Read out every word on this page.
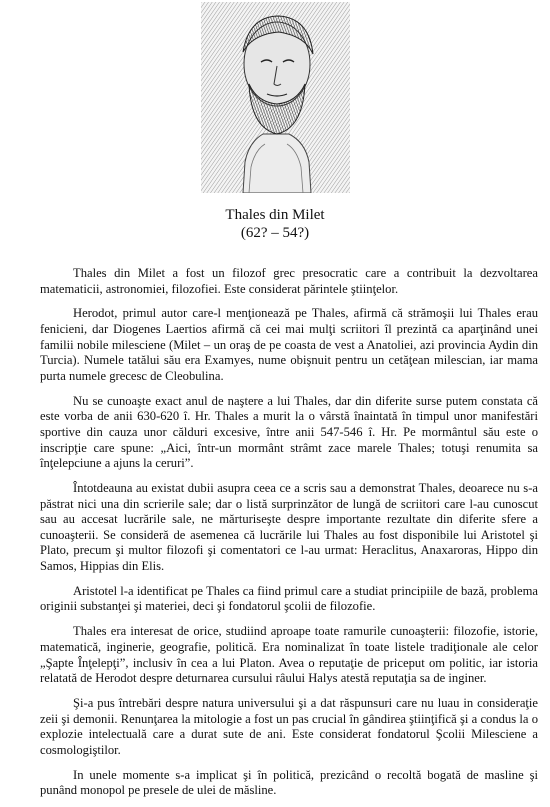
Thales din Milet
(62? – 54?)

Thales din Milet a fost un filozof grec presocratic care a contribuit la dezvoltarea matematicii, astronomiei, filozofiei. Este considerat părintele ştiinţelor.

Herodot, primul autor care-l menţionează pe Thales, afirmă că strămoşii lui Thales erau fenicieni, dar Diogenes Laertios afirmă că cei mai mulţi scriitori îl prezintă ca aparţinând unei familii nobile milesciene (Milet – un oraş de pe coasta de vest a Anatoliei, azi provincia Aydin din Turcia). Numele tatălui său era Examyes, nume obişnuit pentru un cetăţean milescian, iar mama purta numele grecesc de Cleobulina.

Nu se cunoaşte exact anul de naştere a lui Thales, dar din diferite surse putem constata că este vorba de anii 630-620 î. Hr. Thales a murit la o vârstă înaintată în timpul unor manifestări sportive din cauza unor călduri excesive, între anii 547-546 î. Hr. Pe mormântul său este o inscripţie care spune: „Aici, într-un mormânt strâmt zace marele Thales; totuşi renumita sa înţelepciune a ajuns la ceruri”.

Întotdeauna au existat dubii asupra ceea ce a scris sau a demonstrat Thales, deoarece nu s-a păstrat nici una din scrierile sale; dar o listă surprinzător de lungă de scriitori care l-au cunoscut sau au accesat lucrările sale, ne mărturiseşte despre importante rezultate din diferite sfere a cunoaşterii. Se consideră de asemenea că lucrările lui Thales au fost disponibile lui Aristotel şi Plato, precum şi multor filozofi şi comentatori ce l-au urmat: Heraclitus, Anaxaroras, Hippo din Samos, Hippias din Elis.

Aristotel l-a identificat pe Thales ca fiind primul care a studiat principiile de bază, problema originii substanţei şi materiei, deci şi fondatorul şcolii de filozofie.

Thales era interesat de orice, studiind aproape toate ramurile cunoaşterii: filozofie, istorie, matematică, inginerie, geografie, politică. Era nominalizat în toate listele tradiţionale ale celor „Şapte Înţelepţi”, inclusiv în cea a lui Platon. Avea o reputaţie de priceput om politic, iar istoria relatată de Herodot despre deturnarea cursului râului Halys atestă reputaţia sa de inginer.

Şi-a pus întrebări despre natura universului şi a dat răspunsuri care nu luau in consideraţie zeii şi demonii. Renunţarea la mitologie a fost un pas crucial în gândirea ştiinţifică şi a condus la o explozie intelectuală care a durat sute de ani. Este considerat fondatorul Şcolii Milesciene a cosmologiştilor.

In unele momente s-a implicat şi în politică, prezicând o recoltă bogată de masline şi punând monopol pe presele de ulei de măsline.
